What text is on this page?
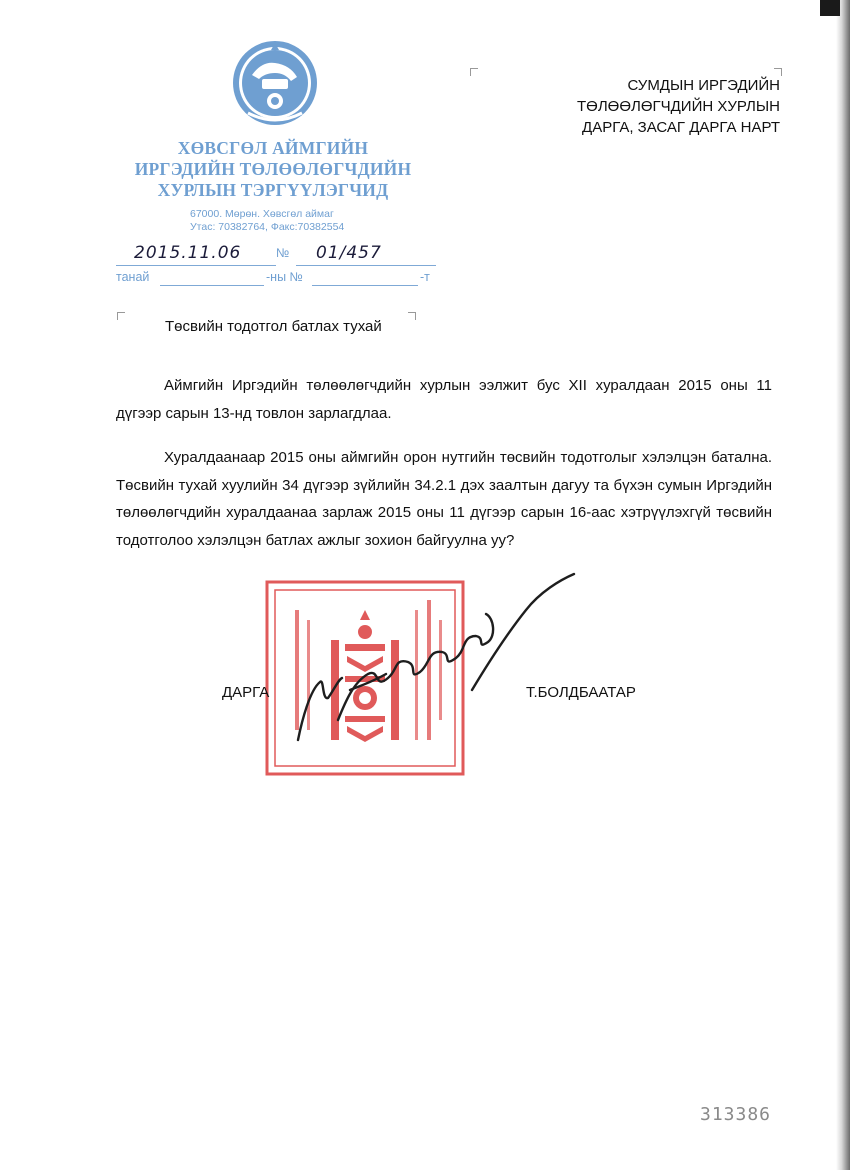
ХӨВСГӨЛ АЙМГИЙН
ИРГЭДИЙН ТӨЛӨӨЛӨГЧДИЙН
ХУРЛЫН ТЭРГҮҮЛЭГЧИД
67000. Мөрөн. Хөвсгөл аймаг
Утас: 70382764, Факс:70382554
2015.11.06	№ 01/457
танай	-ны №	-т
СУМДЫН ИРГЭДИЙН
ТӨЛӨӨЛӨГЧДИЙН ХУРЛЫН
ДАРГА, ЗАСАГ ДАРГА НАРТ
Төсвийн тодотгол батлах тухай

Аймгийн Иргэдийн төлөөлөгчдийн хурлын ээлжит бус XII хуралдаан 2015 оны 11 дүгээр сарын 13-нд товлон зарлагдлаа.

Хуралдаанаар 2015 оны аймгийн орон нутгийн төсвийн тодотголыг хэлэлцэн батална. Төсвийн тухай хуулийн 34 дүгээр зүйлийн 34.2.1 дэх заалтын дагуу та бүхэн сумын Иргэдийн төлөөлөгчдийн хуралдаанаа зарлаж 2015 оны 11 дүгээр сарын 16-аас хэтрүүлэхгүй төсвийн тодотголоо хэлэлцэн батлах ажлыг зохион байгуулна уу?

ДАРГА	Т.БОЛДБААТАР
313386
